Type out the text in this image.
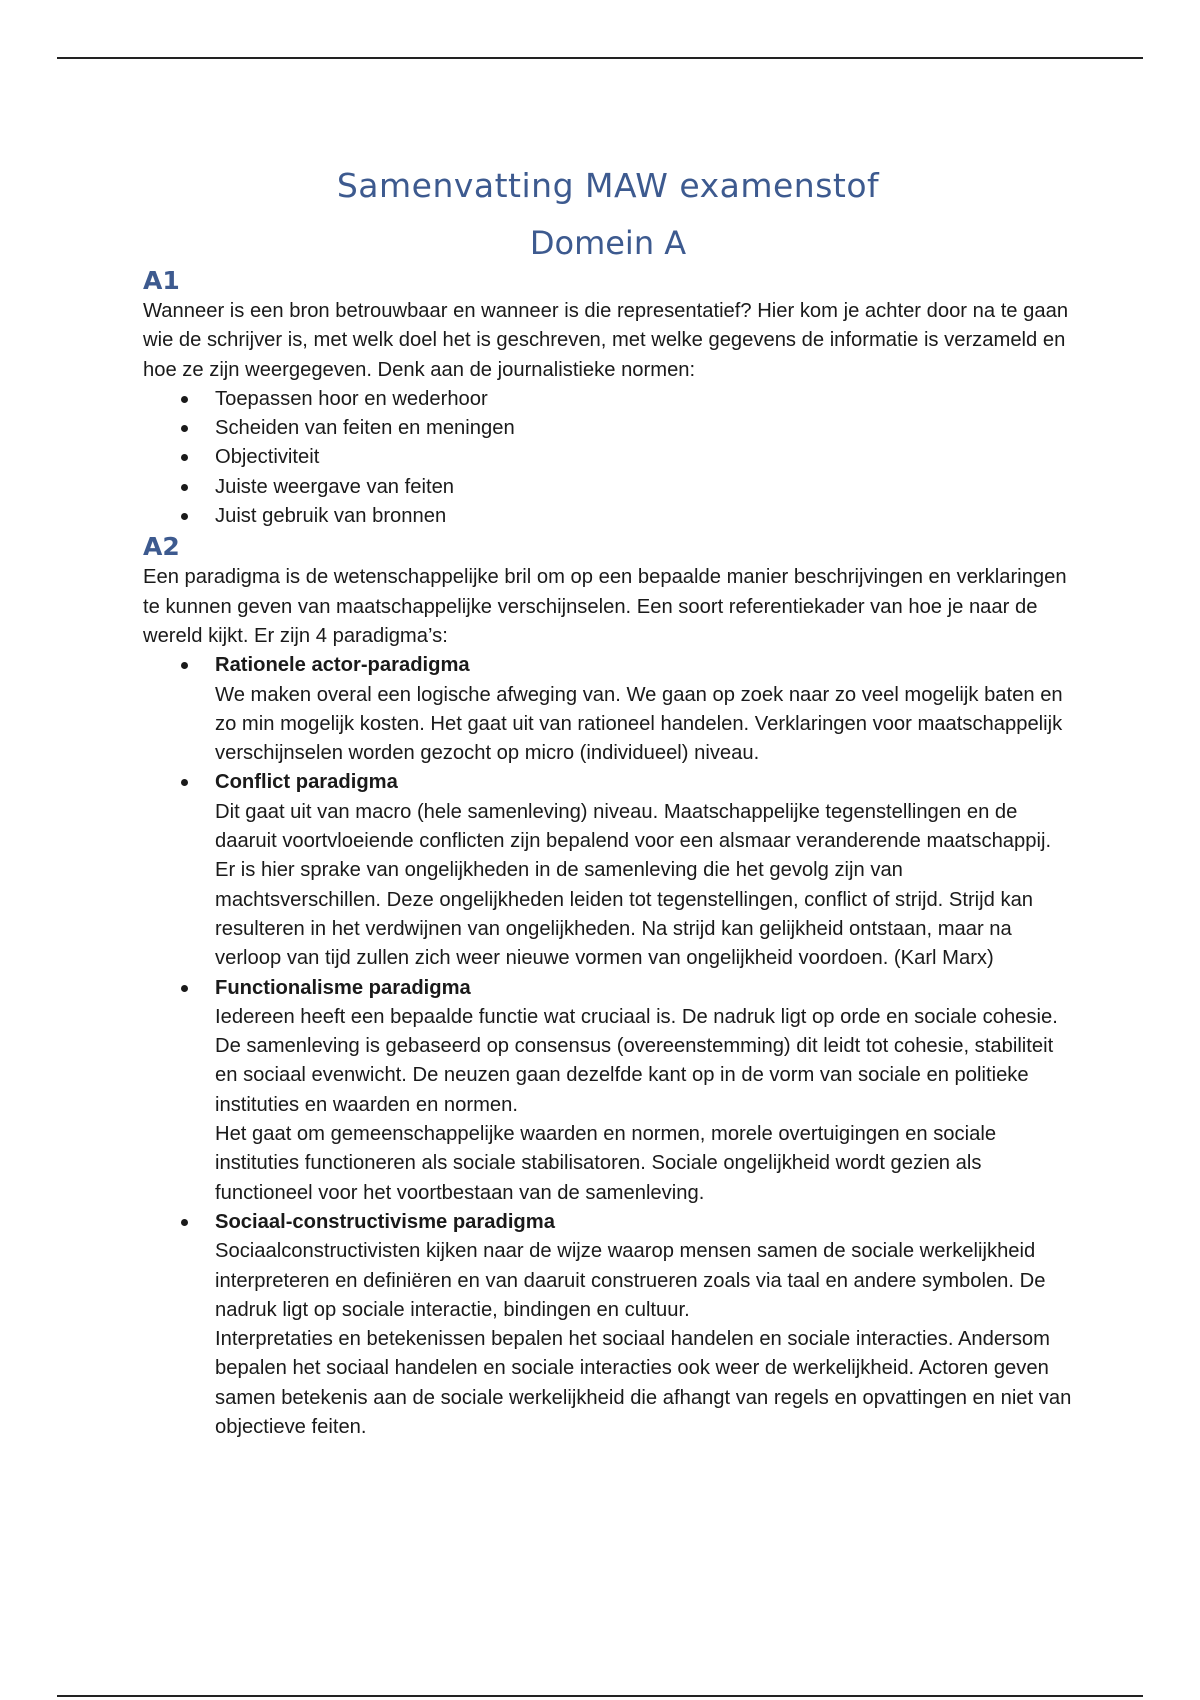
Samenvatting MAW examenstof
Domein A
A1

Wanneer is een bron betrouwbaar en wanneer is die representatief? Hier kom je achter door na te gaan wie de schrijver is, met welk doel het is geschreven, met welke gegevens de informatie is verzameld en hoe ze zijn weergegeven. Denk aan de journalistieke normen:

Toepassen hoor en wederhoor
Scheiden van feiten en meningen
Objectiviteit
Juiste weergave van feiten
Juist gebruik van bronnen
A2

Een paradigma is de wetenschappelijke bril om op een bepaalde manier beschrijvingen en verklaringen te kunnen geven van maatschappelijke verschijnselen. Een soort referentiekader van hoe je naar de wereld kijkt. Er zijn 4 paradigma’s:

Rationele actor-paradigma
We maken overal een logische afweging van. We gaan op zoek naar zo veel mogelijk baten en zo min mogelijk kosten. Het gaat uit van rationeel handelen. Verklaringen voor maatschappelijk verschijnselen worden gezocht op micro (individueel) niveau.
Conflict paradigma
Dit gaat uit van macro (hele samenleving) niveau. Maatschappelijke tegenstellingen en de daaruit voortvloeiende conflicten zijn bepalend voor een alsmaar veranderende maatschappij. Er is hier sprake van ongelijkheden in de samenleving die het gevolg zijn van machtsverschillen. Deze ongelijkheden leiden tot tegenstellingen, conflict of strijd. Strijd kan resulteren in het verdwijnen van ongelijkheden. Na strijd kan gelijkheid ontstaan, maar na verloop van tijd zullen zich weer nieuwe vormen van ongelijkheid voordoen. (Karl Marx)
Functionalisme paradigma
Iedereen heeft een bepaalde functie wat cruciaal is. De nadruk ligt op orde en sociale cohesie. De samenleving is gebaseerd op consensus (overeenstemming) dit leidt tot cohesie, stabiliteit en sociaal evenwicht. De neuzen gaan dezelfde kant op in de vorm van sociale en politieke instituties en waarden en normen.
Het gaat om gemeenschappelijke waarden en normen, morele overtuigingen en sociale instituties functioneren als sociale stabilisatoren. Sociale ongelijkheid wordt gezien als functioneel voor het voortbestaan van de samenleving.
Sociaal-constructivisme paradigma
Sociaalconstructivisten kijken naar de wijze waarop mensen samen de sociale werkelijkheid interpreteren en definiëren en van daaruit construeren zoals via taal en andere symbolen. De nadruk ligt op sociale interactie, bindingen en cultuur.
Interpretaties en betekenissen bepalen het sociaal handelen en sociale interacties. Andersom bepalen het sociaal handelen en sociale interacties ook weer de werkelijkheid. Actoren geven samen betekenis aan de sociale werkelijkheid die afhangt van regels en opvattingen en niet van objectieve feiten.
